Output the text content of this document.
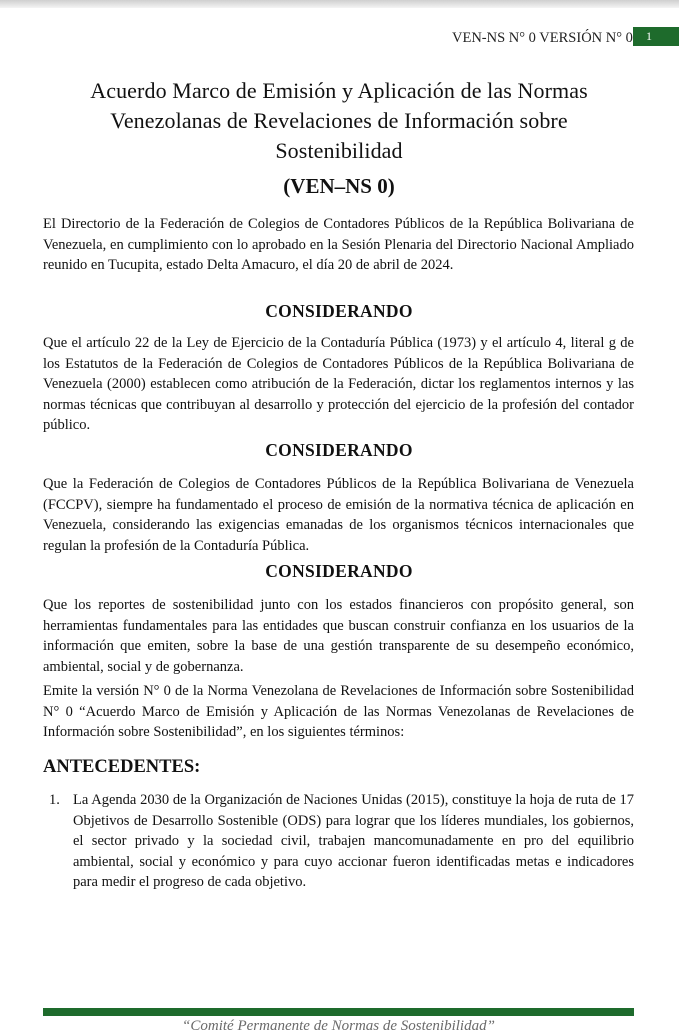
VEN-NS N° 0 VERSIÓN N° 0	1
Acuerdo Marco de Emisión y Aplicación de las Normas
Venezolanas de Revelaciones de Información sobre
Sostenibilidad
(VEN–NS 0)

El Directorio de la Federación de Colegios de Contadores Públicos de la República Bolivariana de Venezuela, en cumplimiento con lo aprobado en la Sesión Plenaria del Directorio Nacional Ampliado reunido en Tucupita, estado Delta Amacuro, el día 20 de abril de 2024.

CONSIDERANDO

Que el artículo 22 de la Ley de Ejercicio de la Contaduría Pública (1973) y el artículo 4, literal g de los Estatutos de la Federación de Colegios de Contadores Públicos de la República Bolivariana de Venezuela (2000) establecen como atribución de la Federación, dictar los reglamentos internos y las normas técnicas que contribuyan al desarrollo y protección del ejercicio de la profesión del contador público.

CONSIDERANDO

Que la Federación de Colegios de Contadores Públicos de la República Bolivariana de Venezuela (FCCPV), siempre ha fundamentado el proceso de emisión de la normativa técnica de aplicación en Venezuela, considerando las exigencias emanadas de los organismos técnicos internacionales que regulan la profesión de la Contaduría Pública.

CONSIDERANDO

Que los reportes de sostenibilidad junto con los estados financieros con propósito general, son herramientas fundamentales para las entidades que buscan construir confianza en los usuarios de la información que emiten, sobre la base de una gestión transparente de su desempeño económico, ambiental, social y de gobernanza.

Emite la versión N° 0 de la Norma Venezolana de Revelaciones de Información sobre Sostenibilidad N° 0 “Acuerdo Marco de Emisión y Aplicación de las Normas Venezolanas de Revelaciones de Información sobre Sostenibilidad”, en los siguientes términos:

ANTECEDENTES:
1. La Agenda 2030 de la Organización de Naciones Unidas (2015), constituye la hoja de ruta de 17 Objetivos de Desarrollo Sostenible (ODS) para lograr que los líderes mundiales, los gobiernos, el sector privado y la sociedad civil, trabajen mancomunadamente en pro del equilibrio ambiental, social y económico y para cuyo accionar fueron identificadas metas e indicadores para medir el progreso de cada objetivo.
“Comité Permanente de Normas de Sostenibilidad”
